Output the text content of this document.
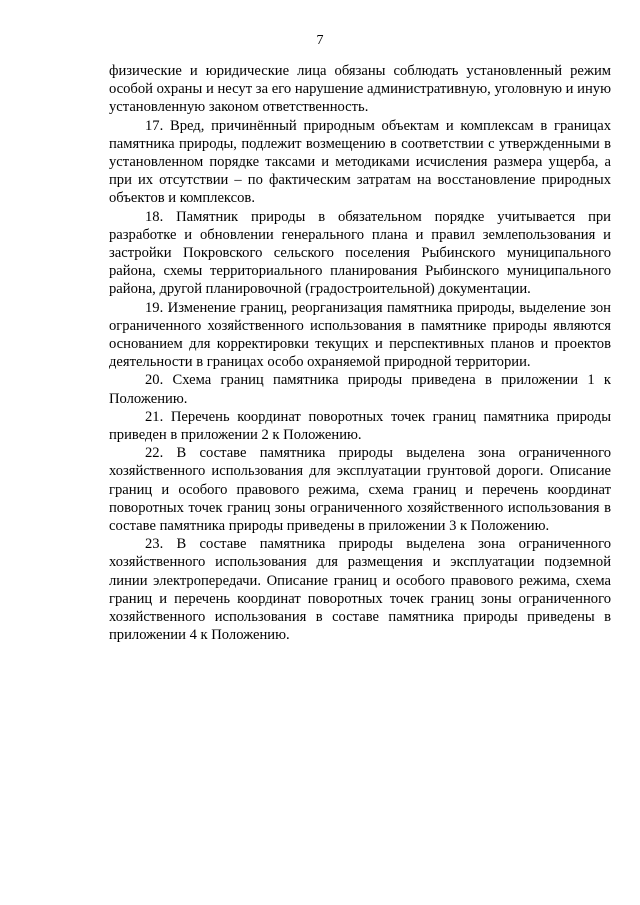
7

физические и юридические лица обязаны соблюдать установленный режим особой охраны и несут за его нарушение административную, уголовную и иную установленную законом ответственность.

17. Вред, причинённый природным объектам и комплексам в границах памятника природы, подлежит возмещению в соответствии с утвержденными в установленном порядке таксами и методиками исчисления размера ущерба, а при их отсутствии – по фактическим затратам на восстановление природных объектов и комплексов.

18. Памятник природы в обязательном порядке учитывается при разработке и обновлении генерального плана и правил землепользования и застройки Покровского сельского поселения Рыбинского муниципального района, схемы территориального планирования Рыбинского муниципального района, другой планировочной (градостроительной) документации.

19. Изменение границ, реорганизация памятника природы, выделение зон ограниченного хозяйственного использования в памятнике природы являются основанием для корректировки текущих и перспективных планов и проектов деятельности в границах особо охраняемой природной территории.

20. Схема границ памятника природы приведена в приложении 1 к Положению.

21. Перечень координат поворотных точек границ памятника природы приведен в приложении 2 к Положению.

22. В составе памятника природы выделена зона ограниченного хозяйственного использования для эксплуатации грунтовой дороги. Описание границ и особого правового режима, схема границ и перечень координат поворотных точек границ зоны ограниченного хозяйственного использования в составе памятника природы приведены в приложении 3 к Положению.

23. В составе памятника природы выделена зона ограниченного хозяйственного использования для размещения и эксплуатации подземной линии электропередачи. Описание границ и особого правового режима, схема границ и перечень координат поворотных точек границ зоны ограниченного хозяйственного использования в составе памятника природы приведены в приложении 4 к Положению.
